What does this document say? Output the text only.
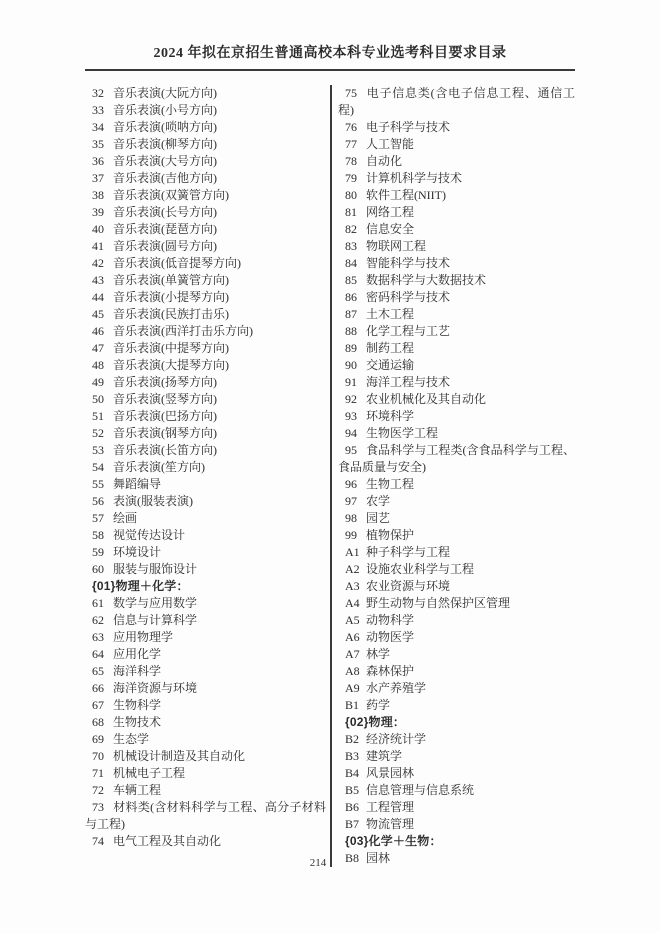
2024 年拟在京招生普通高校本科专业选考科目要求目录
32 音乐表演(大阮方向)
33 音乐表演(小号方向)
34 音乐表演(唢呐方向)
35 音乐表演(柳琴方向)
36 音乐表演(大号方向)
37 音乐表演(吉他方向)
38 音乐表演(双簧管方向)
39 音乐表演(长号方向)
40 音乐表演(琵琶方向)
41 音乐表演(圆号方向)
42 音乐表演(低音提琴方向)
43 音乐表演(单簧管方向)
44 音乐表演(小提琴方向)
45 音乐表演(民族打击乐)
46 音乐表演(西洋打击乐方向)
47 音乐表演(中提琴方向)
48 音乐表演(大提琴方向)
49 音乐表演(扬琴方向)
50 音乐表演(竖琴方向)
51 音乐表演(巴扬方向)
52 音乐表演(钢琴方向)
53 音乐表演(长笛方向)
54 音乐表演(笙方向)
55 舞蹈编导
56 表演(服装表演)
57 绘画
58 视觉传达设计
59 环境设计
60 服装与服饰设计
{01}物理＋化学：
61 数学与应用数学
62 信息与计算科学
63 应用物理学
64 应用化学
65 海洋科学
66 海洋资源与环境
67 生物科学
68 生物技术
69 生态学
70 机械设计制造及其自动化
71 机械电子工程
72 车辆工程
73 材料类(含材料科学与工程、高分子材料与工程)
74 电气工程及其自动化
75 电子信息类(含电子信息工程、通信工程)
76 电子科学与技术
77 人工智能
78 自动化
79 计算机科学与技术
80 软件工程(NIIT)
81 网络工程
82 信息安全
83 物联网工程
84 智能科学与技术
85 数据科学与大数据技术
86 密码科学与技术
87 土木工程
88 化学工程与工艺
89 制药工程
90 交通运输
91 海洋工程与技术
92 农业机械化及其自动化
93 环境科学
94 生物医学工程
95 食品科学与工程类(含食品科学与工程、食品质量与安全)
96 生物工程
97 农学
98 园艺
99 植物保护
A1 种子科学与工程
A2 设施农业科学与工程
A3 农业资源与环境
A4 野生动物与自然保护区管理
A5 动物科学
A6 动物医学
A7 林学
A8 森林保护
A9 水产养殖学
B1 药学
{02}物理：
B2 经济统计学
B3 建筑学
B4 风景园林
B5 信息管理与信息系统
B6 工程管理
B7 物流管理
{03}化学＋生物：
B8 园林
214
